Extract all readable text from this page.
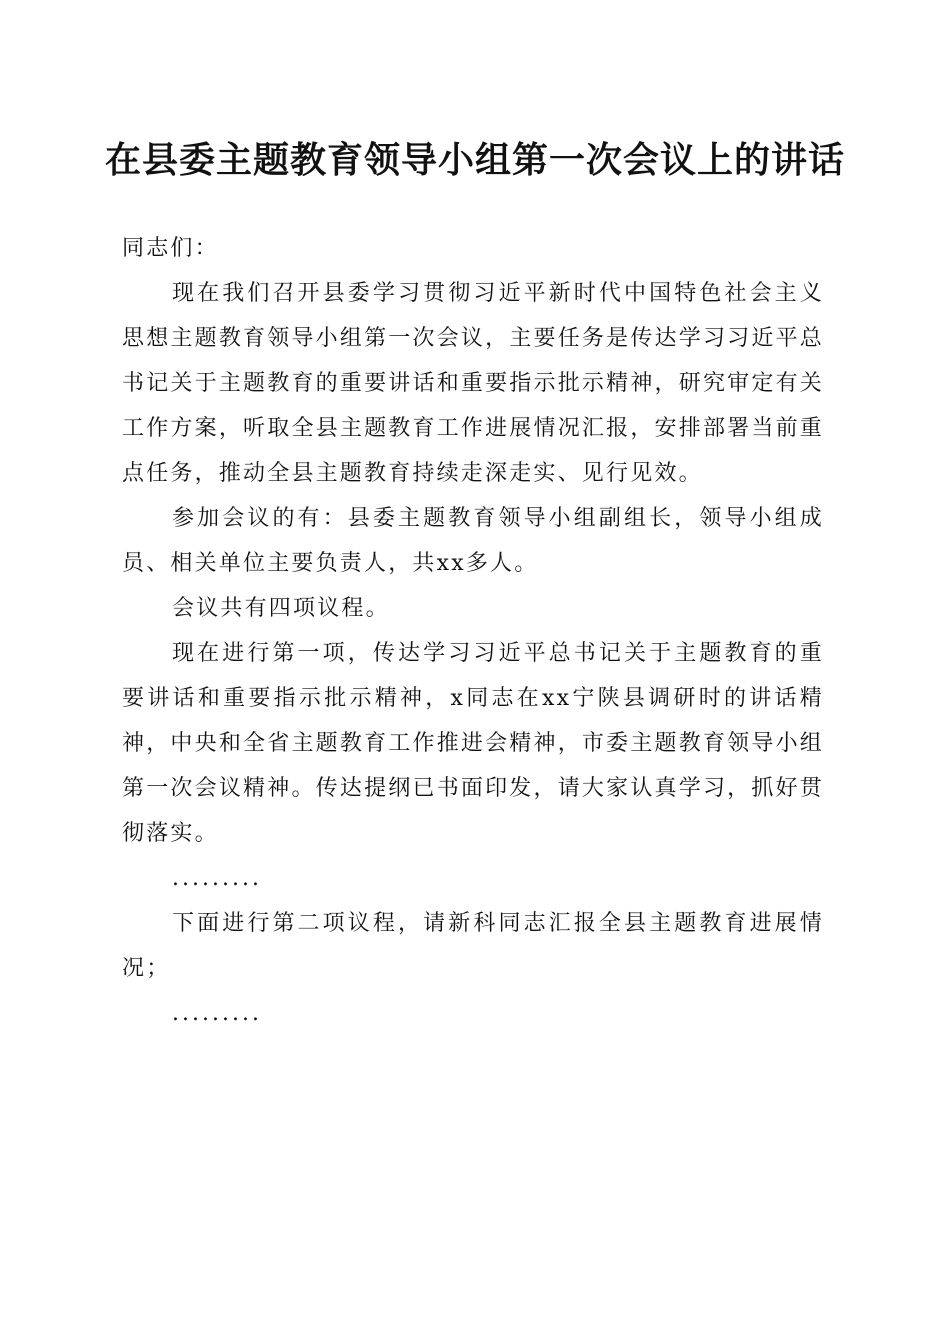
在县委主题教育领导小组第一次会议上的讲话

同志们：

现在我们召开县委学习贯彻习近平新时代中国特色社会主义思想主题教育领导小组第一次会议，主要任务是传达学习习近平总书记关于主题教育的重要讲话和重要指示批示精神，研究审定有关工作方案，听取全县主题教育工作进展情况汇报，安排部署当前重点任务，推动全县主题教育持续走深走实、见行见效。

参加会议的有：县委主题教育领导小组副组长，领导小组成员、相关单位主要负责人，共xx多人。

会议共有四项议程。

现在进行第一项，传达学习习近平总书记关于主题教育的重要讲话和重要指示批示精神，x同志在xx宁陕县调研时的讲话精神，中央和全省主题教育工作推进会精神，市委主题教育领导小组第一次会议精神。传达提纲已书面印发，请大家认真学习，抓好贯彻落实。

.........

下面进行第二项议程，请新科同志汇报全县主题教育进展情况；

.........
